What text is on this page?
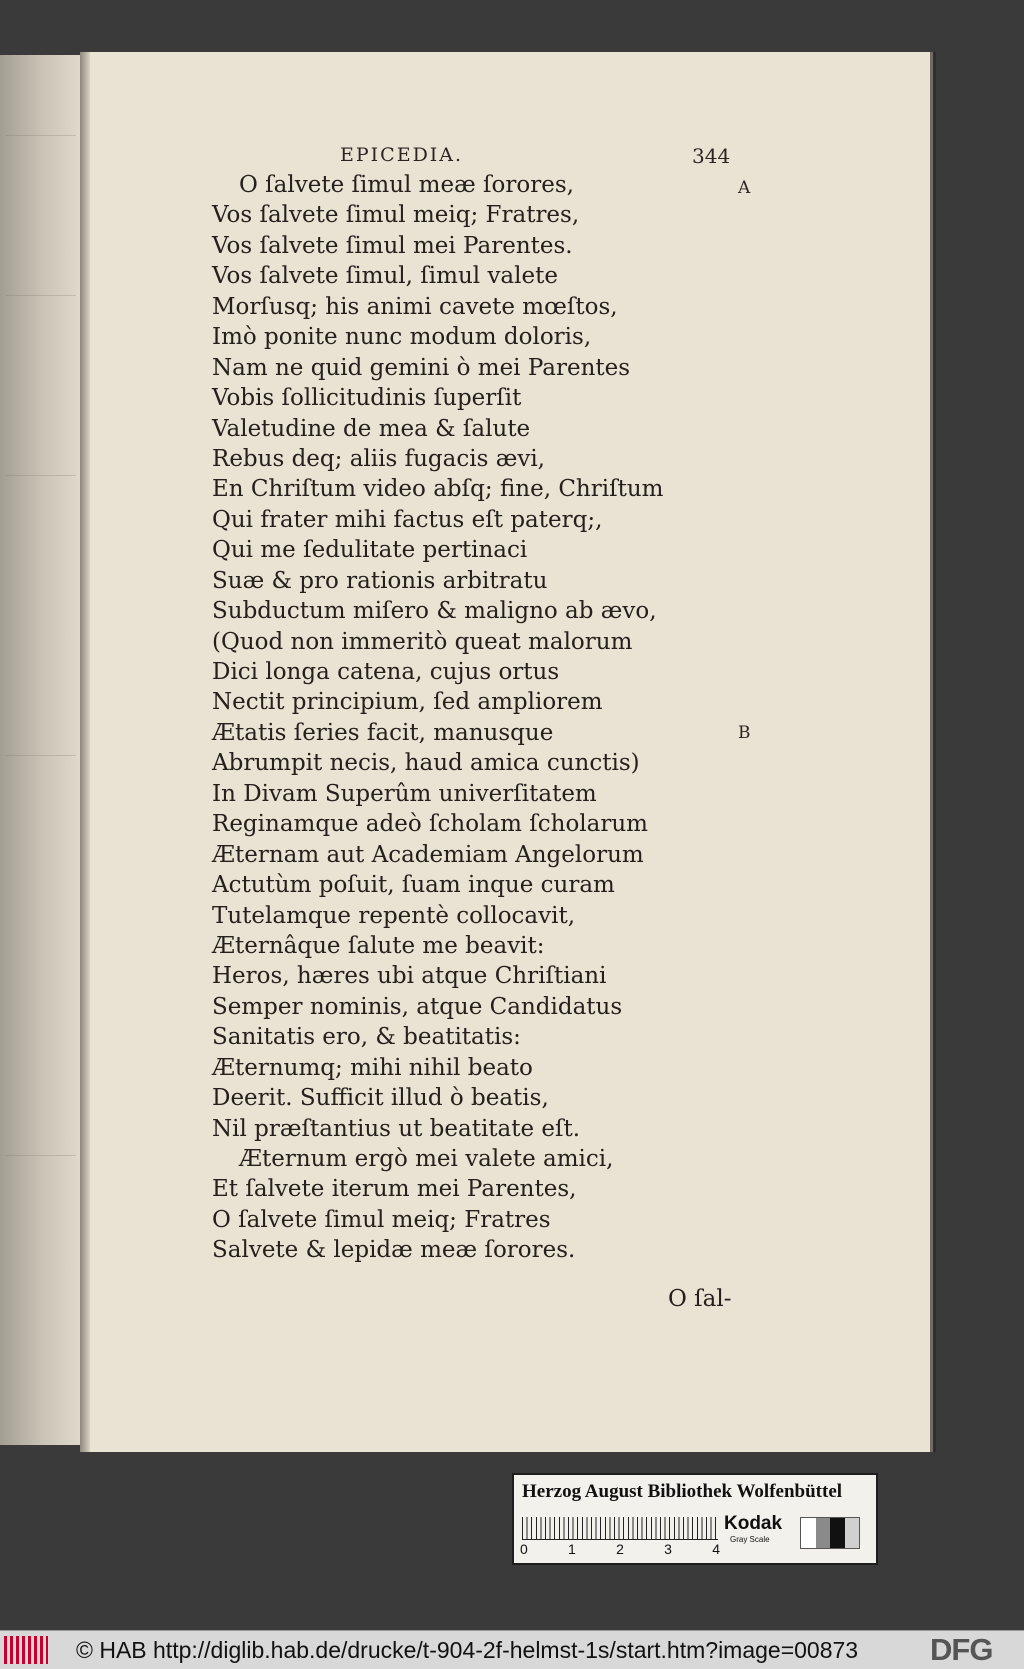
EPICEDIA.	344
A
B
O ſalvete ſimul meæ ſorores,
Vos ſalvete ſimul meiq; Fratres,
Vos ſalvete ſimul mei Parentes.
Vos ſalvete ſimul, ſimul valete
Morſusq; his animi cavete mœſtos,
Imò ponite nunc modum doloris,
Nam ne quid gemini ò mei Parentes
Vobis ſollicitudinis ſuperſit
Valetudine de mea & ſalute
Rebus deq; aliis fugacis ævi,
En Chriſtum video abſq; fine, Chriſtum
Qui frater mihi factus eſt paterq;,
Qui me ſedulitate pertinaci
Suæ & pro rationis arbitratu
Subductum miſero & maligno ab ævo,
(Quod non immeritò queat malorum
Dici longa catena, cujus ortus
Nectit principium, ſed ampliorem
Ætatis ſeries facit, manusque
Abrumpit necis, haud amica cunctis)
In Divam Superûm univerſitatem
Reginamque adeò ſcholam ſcholarum
Æternam aut Academiam Angelorum
Actutùm poſuit, ſuam inque curam
Tutelamque repentè collocavit,
Æternâque ſalute me beavit:
Heros, hæres ubi atque Chriſtiani
Semper nominis, atque Candidatus
Sanitatis ero, & beatitatis:
Æternumq; mihi nihil beato
Deerit. Sufficit illud ò beatis,
Nil præſtantius ut beatitate eſt.
Æternum ergò mei valete amici,
Et ſalvete iterum mei Parentes,
O ſalvete ſimul meiq; Fratres
Salvete & lepidæ meæ ſorores.
O ſal-
Herzog August Bibliothek Wolfenbüttel
0	1	2	3	4
Kodak
Gray Scale
© HAB http://diglib.hab.de/drucke/t-904-2f-helmst-1s/start.htm?image=00873 DFG
